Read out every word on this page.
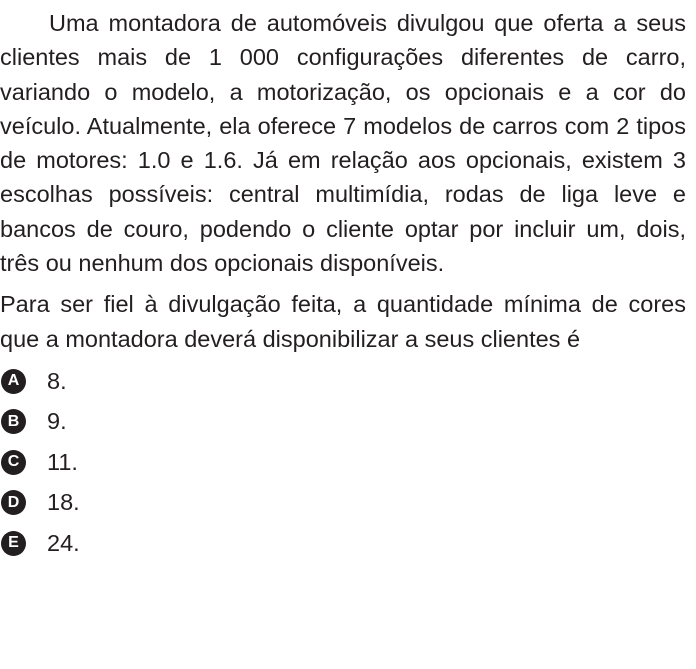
Uma montadora de automóveis divulgou que oferta a seus clientes mais de 1 000 configurações diferentes de carro, variando o modelo, a motorização, os opcionais e a cor do veículo. Atualmente, ela oferece 7 modelos de carros com 2 tipos de motores: 1.0 e 1.6. Já em relação aos opcionais, existem 3 escolhas possíveis: central multimídia, rodas de liga leve e bancos de couro, podendo o cliente optar por incluir um, dois, três ou nenhum dos opcionais disponíveis.

Para ser fiel à divulgação feita, a quantidade mínima de cores que a montadora deverá disponibilizar a seus clientes é

A 8.
B 9.
C 11.
D 18.
E	24.
